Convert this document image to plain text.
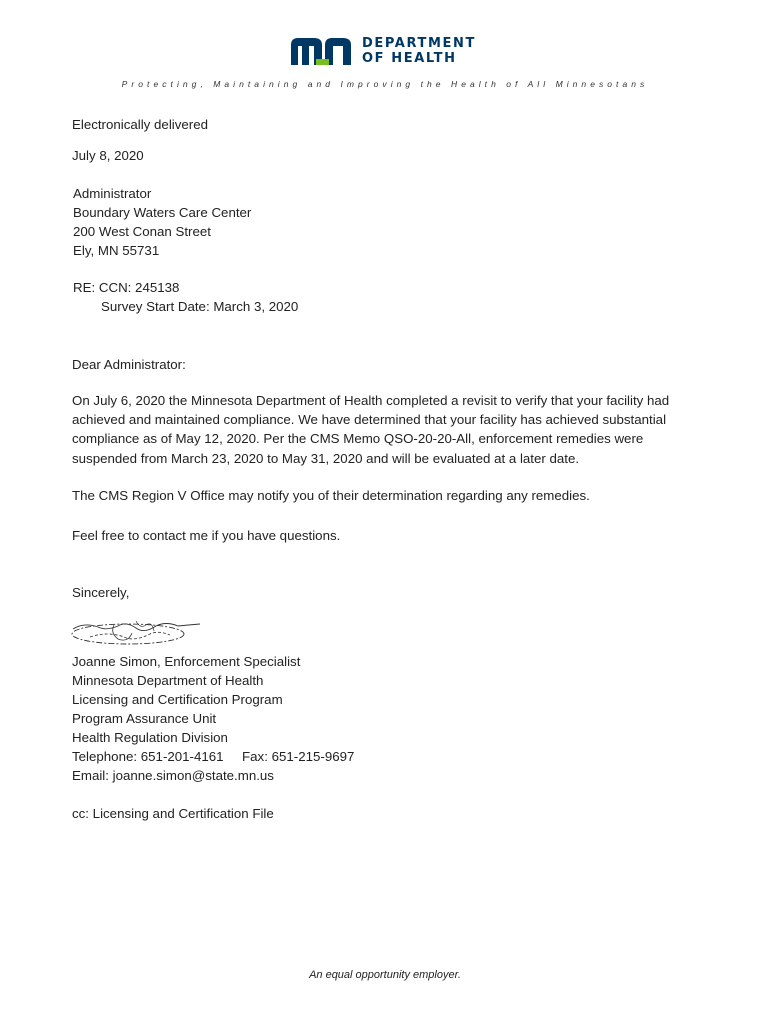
DEPARTMENT
OF HEALTH
Protecting, Maintaining and Improving the Health of All Minnesotans
Electronically delivered
July 8, 2020
Administrator
Boundary Waters Care Center
200 West Conan Street
Ely, MN 55731
RE: CCN: 245138
Survey Start Date: March 3, 2020
Dear Administrator:
On July 6, 2020 the Minnesota Department of Health completed a revisit to verify that your facility had achieved and maintained compliance. We have determined that your facility has achieved substantial compliance as of May 12, 2020. Per the CMS Memo QSO-20-20-All, enforcement remedies were suspended from March 23, 2020 to May 31, 2020 and will be evaluated at a later date.
The CMS Region V Office may notify you of their determination regarding any remedies.
Feel free to contact me if you have questions.
Sincerely,
Joanne Simon, Enforcement Specialist
Minnesota Department of Health
Licensing and Certification Program
Program Assurance Unit
Health Regulation Division
Telephone: 651-201-4161     Fax: 651-215-9697
Email: joanne.simon@state.mn.us
cc: Licensing and Certification File
An equal opportunity employer.
